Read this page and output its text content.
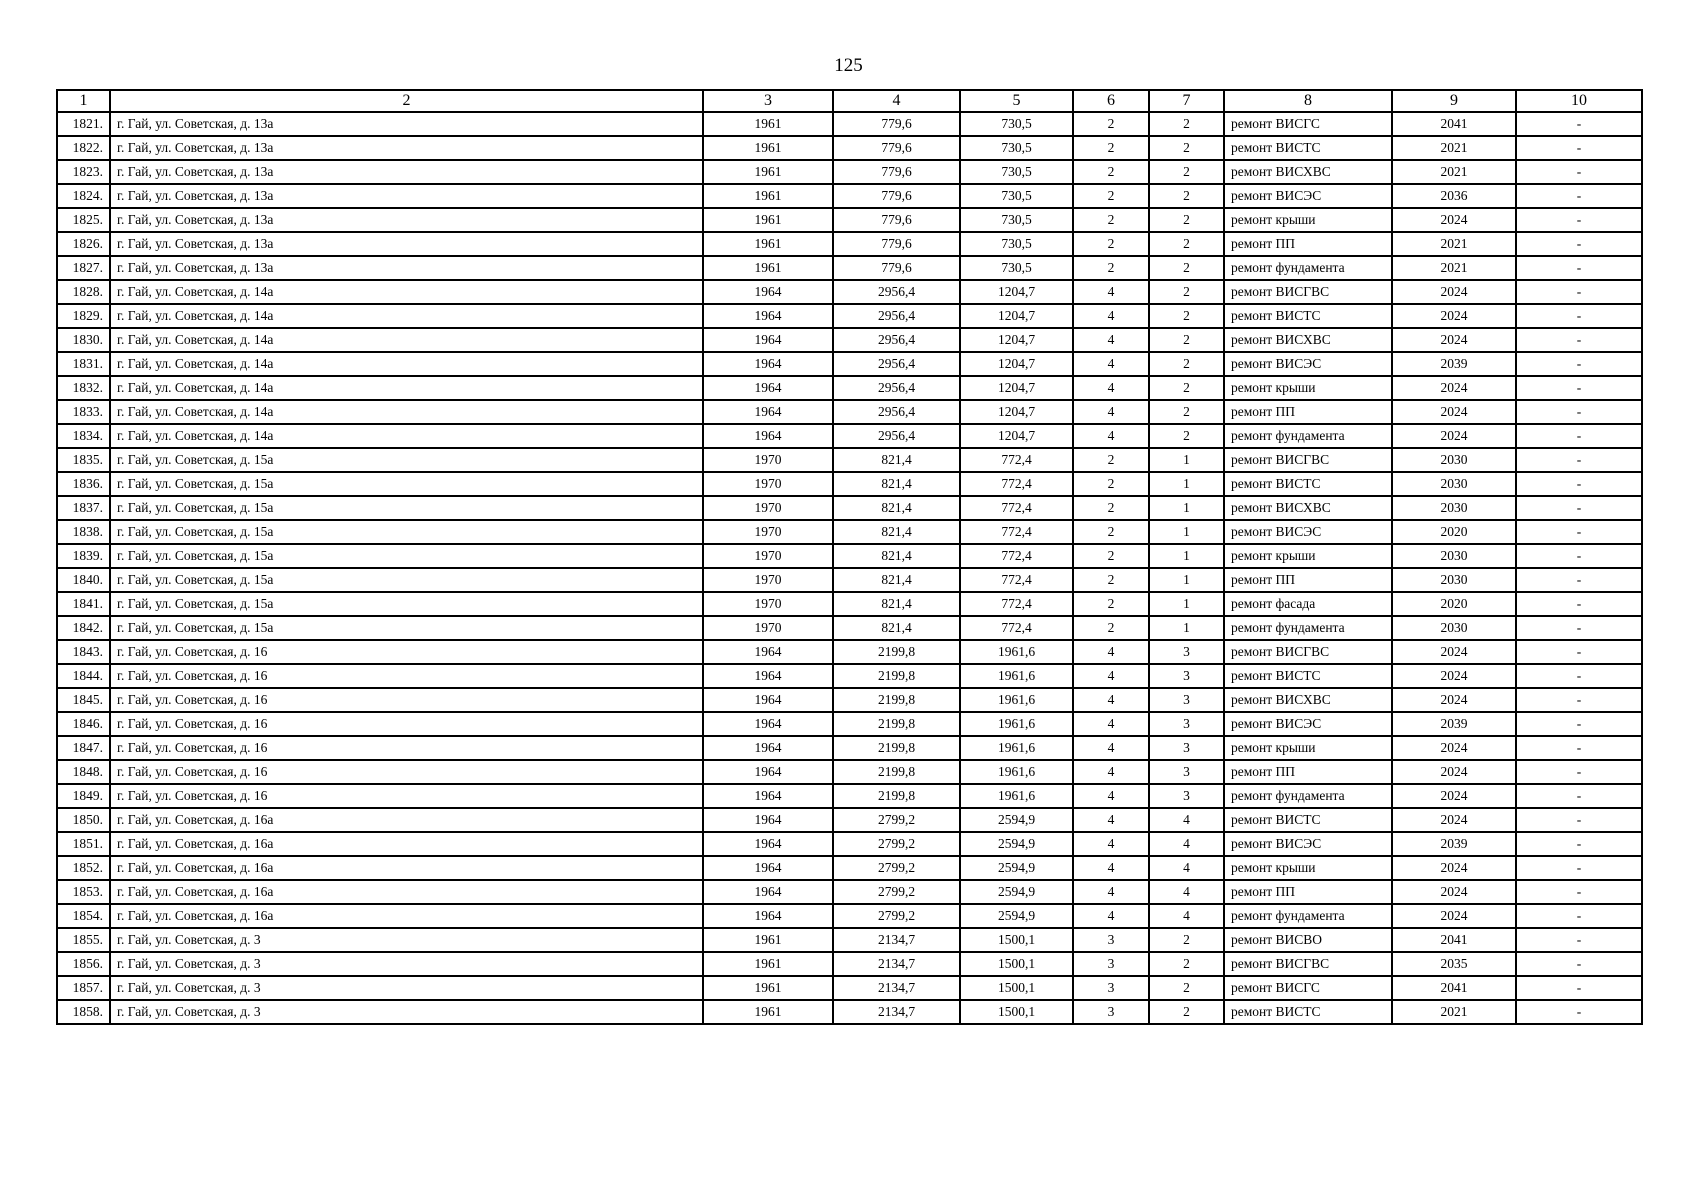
125
1	2	3	4	5	6	7	8	9	10
1821.	г. Гай, ул. Советская, д. 13а	1961	779,6	730,5	2	2	ремонт ВИСГС	2041	-
1822.	г. Гай, ул. Советская, д. 13а	1961	779,6	730,5	2	2	ремонт ВИСТС	2021	-
1823.	г. Гай, ул. Советская, д. 13а	1961	779,6	730,5	2	2	ремонт ВИСХВС	2021	-
1824.	г. Гай, ул. Советская, д. 13а	1961	779,6	730,5	2	2	ремонт ВИСЭС	2036	-
1825.	г. Гай, ул. Советская, д. 13а	1961	779,6	730,5	2	2	ремонт крыши	2024	-
1826.	г. Гай, ул. Советская, д. 13а	1961	779,6	730,5	2	2	ремонт ПП	2021	-
1827.	г. Гай, ул. Советская, д. 13а	1961	779,6	730,5	2	2	ремонт фундамента	2021	-
1828.	г. Гай, ул. Советская, д. 14а	1964	2956,4	1204,7	4	2	ремонт ВИСГВС	2024	-
1829.	г. Гай, ул. Советская, д. 14а	1964	2956,4	1204,7	4	2	ремонт ВИСТС	2024	-
1830.	г. Гай, ул. Советская, д. 14а	1964	2956,4	1204,7	4	2	ремонт ВИСХВС	2024	-
1831.	г. Гай, ул. Советская, д. 14а	1964	2956,4	1204,7	4	2	ремонт ВИСЭС	2039	-
1832.	г. Гай, ул. Советская, д. 14а	1964	2956,4	1204,7	4	2	ремонт крыши	2024	-
1833.	г. Гай, ул. Советская, д. 14а	1964	2956,4	1204,7	4	2	ремонт ПП	2024	-
1834.	г. Гай, ул. Советская, д. 14а	1964	2956,4	1204,7	4	2	ремонт фундамента	2024	-
1835.	г. Гай, ул. Советская, д. 15а	1970	821,4	772,4	2	1	ремонт ВИСГВС	2030	-
1836.	г. Гай, ул. Советская, д. 15а	1970	821,4	772,4	2	1	ремонт ВИСТС	2030	-
1837.	г. Гай, ул. Советская, д. 15а	1970	821,4	772,4	2	1	ремонт ВИСХВС	2030	-
1838.	г. Гай, ул. Советская, д. 15а	1970	821,4	772,4	2	1	ремонт ВИСЭС	2020	-
1839.	г. Гай, ул. Советская, д. 15а	1970	821,4	772,4	2	1	ремонт крыши	2030	-
1840.	г. Гай, ул. Советская, д. 15а	1970	821,4	772,4	2	1	ремонт ПП	2030	-
1841.	г. Гай, ул. Советская, д. 15а	1970	821,4	772,4	2	1	ремонт фасада	2020	-
1842.	г. Гай, ул. Советская, д. 15а	1970	821,4	772,4	2	1	ремонт фундамента	2030	-
1843.	г. Гай, ул. Советская, д. 16	1964	2199,8	1961,6	4	3	ремонт ВИСГВС	2024	-
1844.	г. Гай, ул. Советская, д. 16	1964	2199,8	1961,6	4	3	ремонт ВИСТС	2024	-
1845.	г. Гай, ул. Советская, д. 16	1964	2199,8	1961,6	4	3	ремонт ВИСХВС	2024	-
1846.	г. Гай, ул. Советская, д. 16	1964	2199,8	1961,6	4	3	ремонт ВИСЭС	2039	-
1847.	г. Гай, ул. Советская, д. 16	1964	2199,8	1961,6	4	3	ремонт крыши	2024	-
1848.	г. Гай, ул. Советская, д. 16	1964	2199,8	1961,6	4	3	ремонт ПП	2024	-
1849.	г. Гай, ул. Советская, д. 16	1964	2199,8	1961,6	4	3	ремонт фундамента	2024	-
1850.	г. Гай, ул. Советская, д. 16а	1964	2799,2	2594,9	4	4	ремонт ВИСТС	2024	-
1851.	г. Гай, ул. Советская, д. 16а	1964	2799,2	2594,9	4	4	ремонт ВИСЭС	2039	-
1852.	г. Гай, ул. Советская, д. 16а	1964	2799,2	2594,9	4	4	ремонт крыши	2024	-
1853.	г. Гай, ул. Советская, д. 16а	1964	2799,2	2594,9	4	4	ремонт ПП	2024	-
1854.	г. Гай, ул. Советская, д. 16а	1964	2799,2	2594,9	4	4	ремонт фундамента	2024	-
1855.	г. Гай, ул. Советская, д. 3	1961	2134,7	1500,1	3	2	ремонт ВИСВО	2041	-
1856.	г. Гай, ул. Советская, д. 3	1961	2134,7	1500,1	3	2	ремонт ВИСГВС	2035	-
1857.	г. Гай, ул. Советская, д. 3	1961	2134,7	1500,1	3	2	ремонт ВИСГС	2041	-
1858.	г. Гай, ул. Советская, д. 3	1961	2134,7	1500,1	3	2	ремонт ВИСТС	2021	-
